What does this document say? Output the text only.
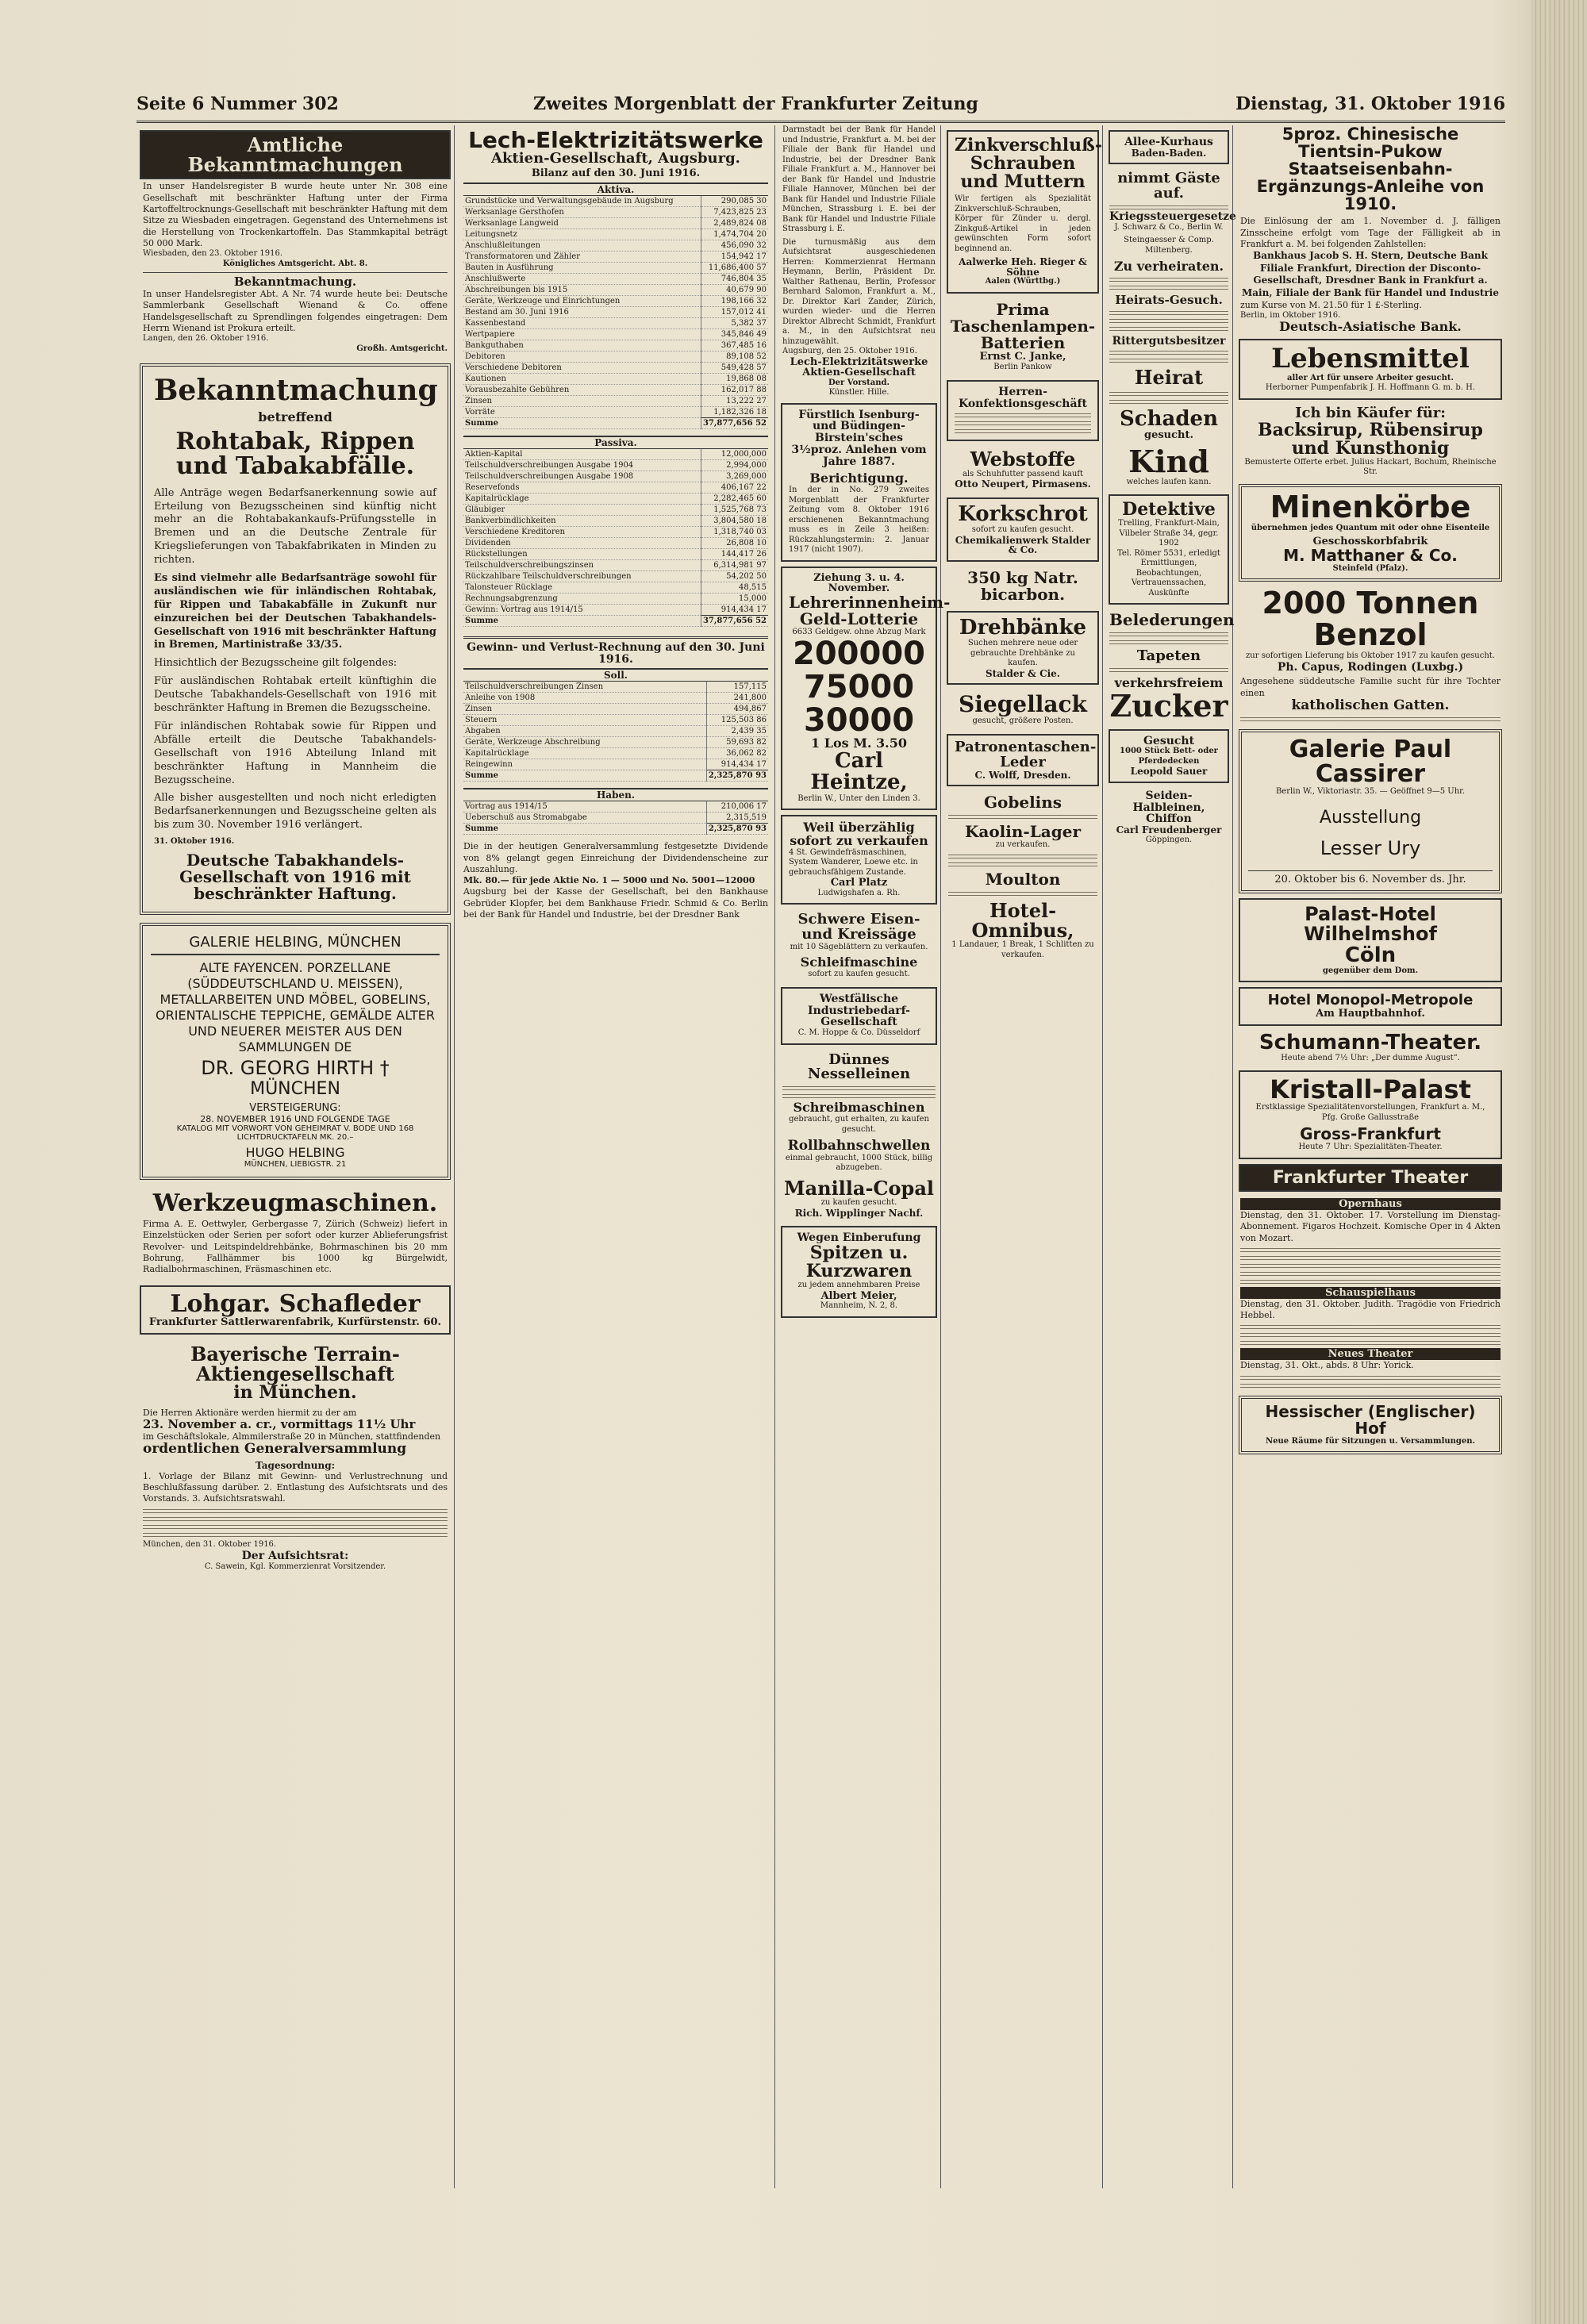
Seite 6 Nummer 302	Zweites Morgenblatt der Frankfurter Zeitung	Dienstag, 31. Oktober 1916
Amtliche Bekanntmachungen
In unser Handelsregister B wurde heute unter Nr. 308 eine Gesellschaft mit beschränkter Haftung unter der Firma Kartoffeltrocknungs-Gesellschaft mit beschränkter Haftung mit dem Sitze zu Wiesbaden eingetragen. Gegenstand des Unternehmens ist die Herstellung von Trockenkartoffeln. Das Stammkapital beträgt 50 000 Mark.
Wiesbaden, den 23. Oktober 1916.
Königliches Amtsgericht. Abt. 8.
Bekanntmachung.
In unser Handelsregister Abt. A Nr. 74 wurde heute bei: Deutsche Sammlerbank Gesellschaft Wienand & Co. offene Handelsgesellschaft zu Sprendlingen folgendes eingetragen: Dem Herrn Wienand ist Prokura erteilt.
Langen, den 26. Oktober 1916.
Großh. Amtsgericht.
Bekanntmachung
betreffend
Rohtabak, Rippen und Tabakabfälle.
Alle Anträge wegen Bedarfsanerkennung sowie auf Erteilung von Bezugsscheinen sind künftig nicht mehr an die Rohtabakankaufs-Prüfungsstelle in Bremen und an die Deutsche Zentrale für Kriegslieferungen von Tabakfabrikaten in Minden zu richten.
Es sind vielmehr alle Bedarfsanträge sowohl für ausländischen wie für inländischen Rohtabak, für Rippen und Tabakabfälle in Zukunft nur einzureichen bei der Deutschen Tabakhandels-Gesellschaft von 1916 mit beschränkter Haftung in Bremen, Martinistraße 33/35.
Hinsichtlich der Bezugsscheine gilt folgendes:
Für ausländischen Rohtabak erteilt künftighin die Deutsche Tabakhandels-Gesellschaft von 1916 mit beschränkter Haftung in Bremen die Bezugsscheine.
Für inländischen Rohtabak sowie für Rippen und Abfälle erteilt die Deutsche Tabakhandels-Gesellschaft von 1916 Abteilung Inland mit beschränkter Haftung in Mannheim die Bezugsscheine.
Alle bisher ausgestellten und noch nicht erledigten Bedarfsanerkennungen und Bezugsscheine gelten als bis zum 30. November 1916 verlängert.
31. Oktober 1916.
Deutsche Tabakhandels-Gesellschaft von 1916 mit beschränkter Haftung.
GALERIE HELBING, MÜNCHEN
ALTE FAYENCEN. PORZELLANE (SÜDDEUTSCHLAND U. MEISSEN), METALLARBEITEN UND MÖBEL, GOBELINS, ORIENTALISCHE TEPPICHE, GEMÄLDE ALTER UND NEUERER MEISTER AUS DEN SAMMLUNGEN DE
DR. GEORG HIRTH †
MÜNCHEN
VERSTEIGERUNG:
28. NOVEMBER 1916 UND FOLGENDE TAGE
KATALOG MIT VORWORT VON GEHEIMRAT V. BODE UND 168 LICHTDRUCKTAFELN MK. 20.–
HUGO HELBING
MÜNCHEN, LIEBIGSTR. 21
Werkzeugmaschinen.
Firma A. E. Oettwyler, Gerbergasse 7, Zürich (Schweiz) liefert in Einzelstücken oder Serien per sofort oder kurzer Ablieferungsfrist Revolver- und Leitspindeldrehbänke, Bohrmaschinen bis 20 mm Bohrung, Fallhämmer bis 1000 kg Bürgelwidt, Radialbohrmaschinen, Fräsmaschinen etc.
Lohgar. Schafleder
Frankfurter Sattlerwarenfabrik, Kurfürstenstr. 60.
Bayerische Terrain-Aktiengesellschaft
in München.
Die Herren Aktionäre werden hiermit zu der am
23. November a. cr., vormittags 11½ Uhr
im Geschäftslokale, Almmilerstraße 20 in München, stattfindenden
ordentlichen Generalversammlung
Tagesordnung:
1. Vorlage der Bilanz mit Gewinn- und Verlustrechnung und Beschlußfassung darüber. 2. Entlastung des Aufsichtsrats und des Vorstands. 3. Aufsichtsratswahl.
München, den 31. Oktober 1916.
Der Aufsichtsrat:
C. Sawein, Kgl. Kommerzienrat Vorsitzender.
Lech-Elektrizitätswerke
Aktien-Gesellschaft, Augsburg.
Bilanz auf den 30. Juni 1916.
Aktiva.
Grundstücke und Verwaltungsgebäude in Augsburg	290,085 30
Werksanlage Gersthofen	7,423,825 23
Werksanlage Langweid	2,489,824 08
Leitungsnetz	1,474,704 20
Anschlußleitungen	456,090 32
Transformatoren und Zähler	154,942 17
Bauten in Ausführung	11,686,400 57
Anschlußwerte	746,804 35
Abschreibungen bis 1915	40,679 90
Geräte, Werkzeuge und Einrichtungen	198,166 32
Bestand am 30. Juni 1916	157,012 41
Kassenbestand	5,382 37
Wertpapiere	345,846 49
Bankguthaben	367,485 16
Debitoren	89,108 52
Verschiedene Debitoren	549,428 57
Kautionen	19,868 08
Vorausbezahlte Gebühren	162,017 88
Zinsen	13,222 27
Vorräte	1,182,326 18
Summe	37,877,656 52
Passiva.
Aktien-Kapital	12,000,000
Teilschuldverschreibungen Ausgabe 1904	2,994,000
Teilschuldverschreibungen Ausgabe 1908	3,269,000
Reservefonds	406,167 22
Kapitalrücklage	2,282,465 60
Gläubiger	1,525,768 73
Bankverbindlichkeiten	3,804,580 18
Verschiedene Kreditoren	1,318,740 03
Dividenden	26,808 10
Rückstellungen	144,417 26
Teilschuldverschreibungszinsen	6,314,981 97
Rückzahlbare Teilschuldverschreibungen	54,202 50
Talonsteuer Rücklage	48,515
Rechnungsabgrenzung	15,000
Gewinn: Vortrag aus 1914/15	914,434 17
Summe	37,877,656 52
Gewinn- und Verlust-Rechnung auf den 30. Juni 1916.
Soll.
Teilschuldverschreibungen Zinsen	157,115
Anleihe von 1908	241,800
Zinsen	494,867
Steuern	125,503 86
Abgaben	2,439 35
Geräte, Werkzeuge Abschreibung	59,693 82
Kapitalrücklage	36,062 82
Reingewinn	914,434 17
Summe	2,325,870 93
Haben.
Vortrag aus 1914/15	210,006 17
Ueberschuß aus Stromabgabe	2,315,519
Summe	2,325,870 93
Die in der heutigen Generalversammlung festgesetzte Dividende von 8% gelangt gegen Einreichung der Dividendenscheine zur Auszahlung.
Mk. 80.— für jede Aktie No. 1 — 5000 und No. 5001—12000
Augsburg bei der Kasse der Gesellschaft, bei den Bankhause Gebrüder Klopfer, bei dem Bankhause Friedr. Schmid & Co. Berlin bei der Bank für Handel und Industrie, bei der Dresdner Bank
Darmstadt bei der Bank für Handel und Industrie, Frankfurt a. M. bei der Filiale der Bank für Handel und Industrie, bei der Dresdner Bank Filiale Frankfurt a. M., Hannover bei der Bank für Handel und Industrie Filiale Hannover, München bei der Bank für Handel und Industrie Filiale München, Strassburg i. E. bei der Bank für Handel und Industrie Filiale Strassburg i. E.
Die turnusmäßig aus dem Aufsichtsrat ausgeschiedenen Herren: Kommerzienrat Hermann Heymann, Berlin, Präsident Dr. Walther Rathenau, Berlin, Professor Bernhard Salomon, Frankfurt a. M., Dr. Direktor Karl Zander, Zürich, wurden wieder- und die Herren Direktor Albrecht Schmidt, Frankfurt a. M., in den Aufsichtsrat neu hinzugewählt.
Augsburg, den 25. Oktober 1916.
Lech-Elektrizitätswerke Aktien-Gesellschaft
Der Vorstand.
Künstler. Hille.
Fürstlich Isenburg- und Büdingen-Birstein'sches 3½proz. Anlehen vom Jahre 1887.
Berichtigung.
In der in No. 279 zweites Morgenblatt der Frankfurter Zeitung vom 8. Oktober 1916 erschienenen Bekanntmachung muss es in Zeile 3 heißen: Rückzahlungstermin: 2. Januar 1917 (nicht 1907).
Ziehung 3. u. 4. November.
Lehrerinnenheim-Geld-Lotterie
6633 Geldgew. ohne Abzug Mark
200000
75000
30000
1 Los M. 3.50
Carl Heintze,
Berlin W., Unter den Linden 3.
Weil überzählig sofort zu verkaufen
4 St. Gewindefräsmaschinen, System Wanderer, Loewe etc. in gebrauchsfähigem Zustande.
Carl Platz
Ludwigshafen a. Rh.
Schwere Eisen- und Kreissäge
mit 10 Sägeblättern zu verkaufen.
Schleifmaschine
sofort zu kaufen gesucht.
Westfälische Industriebedarf-Gesellschaft
C. M. Hoppe & Co. Düsseldorf
Dünnes Nesselleinen
Schreibmaschinen
gebraucht, gut erhalten, zu kaufen gesucht.
Rollbahnschwellen
einmal gebraucht, 1000 Stück, billig abzugeben.
Manilla-Copal
zu kaufen gesucht.
Rich. Wipplinger Nachf.
Wegen Einberufung
Spitzen u. Kurzwaren
zu jedem annehmbaren Preise
Albert Meier,
Mannheim, N. 2, 8.
Zinkverschluß-Schrauben und Muttern
Wir fertigen als Spezialität Zinkverschluß-Schrauben, Körper für Zünder u. dergl. Zinkguß-Artikel in jeden gewünschten Form sofort beginnend an.
Aalwerke Heh. Rieger & Söhne
Aalen (Württbg.)
Prima Taschenlampen-Batterien
Ernst C. Janke,
Berlin Pankow
Herren-Konfektionsgeschäft
Webstoffe
als Schuhfutter passend kauft
Otto Neupert, Pirmasens.
Korkschrot
sofort zu kaufen gesucht.
Chemikalienwerk Stalder & Co.
350 kg Natr. bicarbon.
Drehbänke
Suchen mehrere neue oder gebrauchte Drehbänke zu kaufen.
Stalder & Cie.
Siegellack
gesucht, größere Posten.
Patronentaschen-Leder
C. Wolff, Dresden.
Gobelins
Kaolin-Lager
zu verkaufen.
Moulton
Hotel-Omnibus,
1 Landauer, 1 Break, 1 Schlitten zu verkaufen.
Allee-Kurhaus
Baden-Baden.
nimmt Gäste auf.
Kriegssteuergesetze
J. Schwarz & Co., Berlin W.
Steingaesser & Comp. Miltenberg.
Zu verheiraten.
Heirats-Gesuch.
Rittergutsbesitzer
Heirat
Schaden
gesucht.
Kind
welches laufen kann.
Detektive
Trelling, Frankfurt-Main, Vilbeler Straße 34, gegr. 1902
Tel. Römer 5531, erledigt Ermittlungen, Beobachtungen, Vertrauenssachen, Auskünfte
Belederungen
Tapeten
verkehrsfreiem
Zucker
Gesucht
1000 Stück Bett- oder Pferdedecken
Leopold Sauer
Seiden-Halbleinen, Chiffon
Carl Freudenberger
Göppingen.
5proz. Chinesische Tientsin-Pukow Staatseisenbahn-Ergänzungs-Anleihe von 1910.
Die Einlösung der am 1. November d. J. fälligen Zinsscheine erfolgt vom Tage der Fälligkeit ab in Frankfurt a. M. bei folgenden Zahlstellen:
Bankhaus Jacob S. H. Stern, Deutsche Bank Filiale Frankfurt, Direction der Disconto-Gesellschaft, Dresdner Bank in Frankfurt a. Main, Filiale der Bank für Handel und Industrie
zum Kurse von M. 21.50 für 1 £-Sterling.
Berlin, im Oktober 1916.
Deutsch-Asiatische Bank.
Lebensmittel
aller Art für unsere Arbeiter gesucht.
Herborner Pumpenfabrik J. H. Hoffmann G. m. b. H.
Ich bin Käufer für:
Backsirup, Rübensirup und Kunsthonig
Bemusterte Offerte erbet. Julius Hackart, Bochum, Rheinische Str.
Minenkörbe
übernehmen jedes Quantum mit oder ohne Eisenteile
Geschosskorbfabrik
M. Matthaner & Co.
Steinfeld (Pfalz).
2000 Tonnen Benzol
zur sofortigen Lieferung bis Oktober 1917 zu kaufen gesucht.
Ph. Capus, Rodingen (Luxbg.)
Angesehene süddeutsche Familie sucht für ihre Tochter einen
katholischen Gatten.
Galerie Paul Cassirer
Berlin W., Viktoriastr. 35. — Geöffnet 9—5 Uhr.
Ausstellung
Lesser Ury
20. Oktober bis 6. November ds. Jhr.
Palast-Hotel Wilhelmshof
Cöln
gegenüber dem Dom.
Hotel Monopol-Metropole
Am Hauptbahnhof.
Schumann-Theater.
Heute abend 7½ Uhr: „Der dumme August“.
Kristall-Palast
Erstklassige Spezialitätenvorstellungen, Frankfurt a. M., Pfg. Große Gallusstraße
Gross-Frankfurt
Heute 7 Uhr: Spezialitäten-Theater.
Frankfurter Theater
Opernhaus
Dienstag, den 31. Oktober. 17. Vorstellung im Dienstag-Abonnement. Figaros Hochzeit. Komische Oper in 4 Akten von Mozart.
Schauspielhaus
Dienstag, den 31. Oktober. Judith. Tragödie von Friedrich Hebbel.
Neues Theater
Dienstag, 31. Okt., abds. 8 Uhr: Yorick.
Hessischer (Englischer) Hof
Neue Räume für Sitzungen u. Versammlungen.
